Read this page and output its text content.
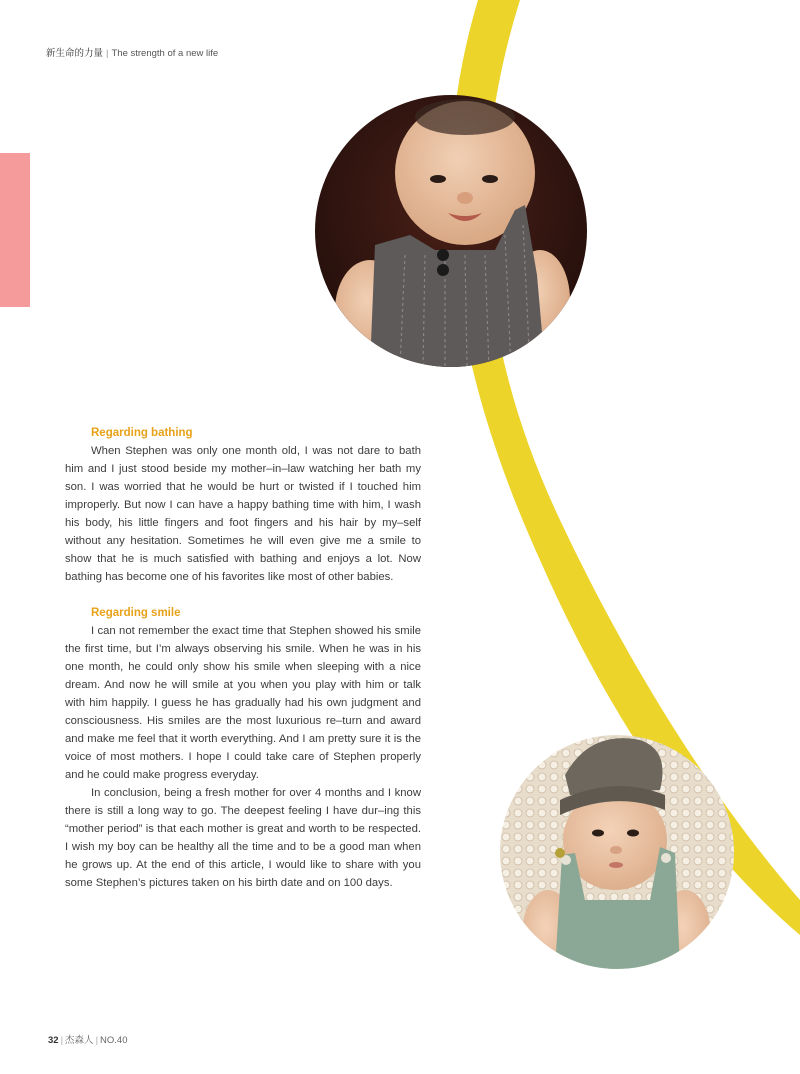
新生命的力量 | The strength of a new life
Regarding bathing

When Stephen was only one month old, I was not dare to bath him and I just stood beside my mother–in–law watching her bath my son. I was worried that he would be hurt or twisted if I touched him improperly. But now I can have a happy bathing time with him, I wash his body, his little fingers and foot fingers and his hair by my–self without any hesitation. Sometimes he will even give me a smile to show that he is much satisfied with bathing and enjoys a lot. Now bathing has become one of his favorites like most of other babies.

Regarding smile

I can not remember the exact time that Stephen showed his smile the first time, but I’m always observing his smile. When he was in his one month, he could only show his smile when sleeping with a nice dream. And now he will smile at you when you play with him or talk with him happily. I guess he has gradually had his own judgment and consciousness. His smiles are the most luxurious re–turn and award and make me feel that it worth everything. And I am pretty sure it is the voice of most mothers. I hope I could take care of Stephen properly and he could make progress everyday.

In conclusion, being a fresh mother for over 4 months and I know there is still a long way to go. The deepest feeling I have dur–ing this “mother period” is that each mother is great and worth to be respected. I wish my boy can be healthy all the time and to be a good man when he grows up. At the end of this article, I would like to share with you some Stephen’s pictures taken on his birth date and on 100 days.

32 | 杰森人 | NO.40
